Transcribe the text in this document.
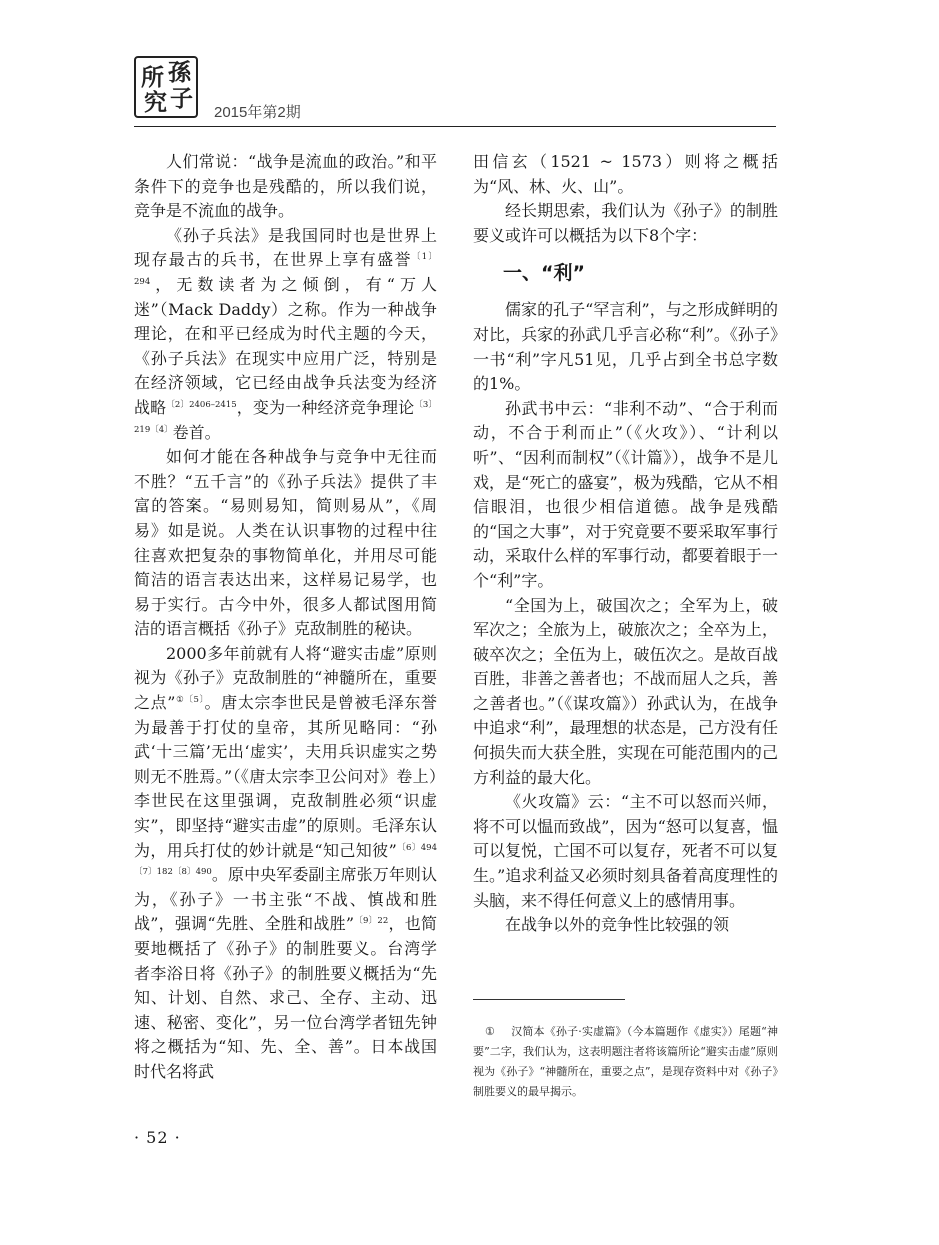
所 孫
究 子
2015年第2期

人们常说：“战争是流血的政治。”和平条件下的竞争也是残酷的，所以我们说，竞争是不流血的战争。

《孙子兵法》是我国同时也是世界上现存最古的兵书，在世界上享有盛誉$^{〔1〕294}$，无数读者为之倾倒，有“万人迷”（Mack Daddy）之称。作为一种战争理论，在和平已经成为时代主题的今天，《孙子兵法》在现实中应用广泛，特别是在经济领域，它已经由战争兵法变为经济战略$^{〔2〕2406-2415}$，变为一种经济竞争理论$^{〔3〕219〔4〕}$卷首。

如何才能在各种战争与竞争中无往而不胜？“五千言”的《孙子兵法》提供了丰富的答案。“易则易知，简则易从”，《周易》如是说。人类在认识事物的过程中往往喜欢把复杂的事物简单化，并用尽可能简洁的语言表达出来，这样易记易学，也易于实行。古今中外，很多人都试图用简洁的语言概括《孙子》克敌制胜的秘诀。

2000多年前就有人将“避实击虚”原则视为《孙子》克敌制胜的“神髓所在，重要之点”$^{①〔5〕}$。唐太宗李世民是曾被毛泽东誉为最善于打仗的皇帝，其所见略同：“孙武‘十三篇’无出‘虚实’，夫用兵识虚实之势则无不胜焉。”（《唐太宗李卫公问对》卷上）李世民在这里强调，克敌制胜必须“识虚实”，即坚持“避实击虚”的原则。毛泽东认为，用兵打仗的妙计就是“知己知彼”$^{〔6〕494〔7〕182〔8〕490}$。原中央军委副主席张万年则认为，《孙子》一书主张“不战、慎战和胜战”，强调“先胜、全胜和战胜”$^{〔9〕22}$，也简要地概括了《孙子》的制胜要义。台湾学者李浴日将《孙子》的制胜要义概括为“先知、计划、自然、求己、全存、主动、迅速、秘密、变化”，另一位台湾学者钮先钟将之概括为“知、先、全、善”。日本战国时代名将武

田信玄（1521 ~ 1573）则将之概括为“风、林、火、山”。

经长期思索，我们认为《孙子》的制胜要义或许可以概括为以下8个字：

一、“利”

儒家的孔子“罕言利”，与之形成鲜明的对比，兵家的孙武几乎言必称“利”。《孙子》一书“利”字凡51见，几乎占到全书总字数的1%。

孙武书中云：“非利不动”、“合于利而动，不合于利而止”（《火攻》）、“计利以听”、“因利而制权”（《计篇》），战争不是儿戏，是“死亡的盛宴”，极为残酷，它从不相信眼泪，也很少相信道德。战争是残酷的“国之大事”，对于究竟要不要采取军事行动，采取什么样的军事行动，都要着眼于一个“利”字。

“全国为上，破国次之；全军为上，破军次之；全旅为上，破旅次之；全卒为上，破卒次之；全伍为上，破伍次之。是故百战百胜，非善之善者也；不战而屈人之兵，善之善者也。”（《谋攻篇》）孙武认为，在战争中追求“利”，最理想的状态是，己方没有任何损失而大获全胜，实现在可能范围内的己方利益的最大化。

《火攻篇》云：“主不可以怒而兴师，将不可以愠而致战”，因为“怒可以复喜，愠可以复悦，亡国不可以复存，死者不可以复生。”追求利益又必须时刻具备着高度理性的头脑，来不得任何意义上的感情用事。

在战争以外的竞争性比较强的领

① 汉简本《孙子·实虚篇》（今本篇题作《虚实》）尾题“神要”二字，我们认为，这表明题注者将该篇所论“避实击虚”原则视为《孙子》“神髓所在，重要之点”，是现存资料中对《孙子》制胜要义的最早揭示。
· 52 ·
